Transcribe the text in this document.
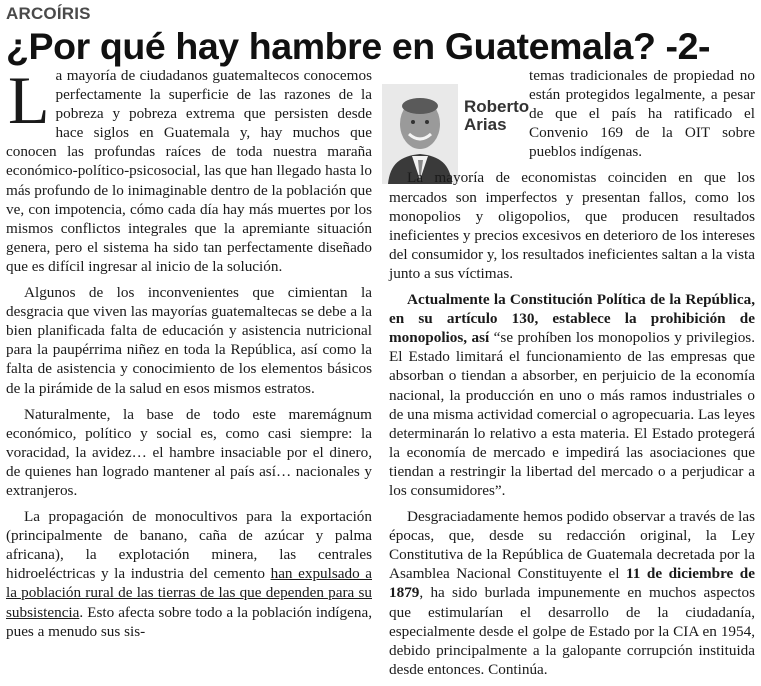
ARCOÍRIS
¿Por qué hay hambre en Guatemala? -2-
Roberto
Arias

La mayoría de ciudadanos guatemaltecos conocemos perfectamente la superficie de las razones de la pobreza y pobreza extrema que persisten desde hace siglos en Guatemala y, hay muchos que conocen las profundas raíces de toda nuestra maraña económico-político-psicosocial, las que han llegado hasta lo más profundo de lo inimaginable dentro de la población que ve, con impotencia, cómo cada día hay más muertes por los mismos conflictos integrales que la apremiante situación genera, pero el sistema ha sido tan perfectamente diseñado que es difícil ingresar al inicio de la solución.

Algunos de los inconvenientes que cimientan la desgracia que viven las mayorías guatemaltecas se debe a la bien planificada falta de educación y asistencia nutricional para la paupérrima niñez en toda la República, así como la falta de asistencia y conocimiento de los elementos básicos de la pirámide de la salud en esos mismos estratos.

Naturalmente, la base de todo este maremágnum económico, político y social es, como casi siempre: la voracidad, la avidez… el hambre insaciable por el dinero, de quienes han logrado mantener al país así… nacionales y extranjeros.

La propagación de monocultivos para la exportación (principalmente de banano, caña de azúcar y palma africana), la explotación minera, las centrales hidroeléctricas y la industria del cemento han expulsado a la población rural de las tierras de las que dependen para su subsistencia. Esto afecta sobre todo a la población indígena, pues a menudo sus sis-

temas tradicionales de propiedad no están protegidos legalmente, a pesar de que el país ha ratificado el Convenio 169 de la OIT sobre pueblos indígenas.

La mayoría de economistas coinciden en que los mercados son imperfectos y presentan fallos, como los monopolios y oligopolios, que producen resultados ineficientes y precios excesivos en deterioro de los intereses del consumidor y, los resultados ineficientes saltan a la vista junto a sus víctimas.

Actualmente la Constitución Política de la República, en su artículo 130, establece la prohibición de monopolios, así “se prohíben los monopolios y privilegios. El Estado limitará el funcionamiento de las empresas que absorban o tiendan a absorber, en perjuicio de la economía nacional, la producción en uno o más ramos industriales o de una misma actividad comercial o agropecuaria. Las leyes determinarán lo relativo a esta materia. El Estado protegerá la economía de mercado e impedirá las asociaciones que tiendan a restringir la libertad del mercado o a perjudicar a los consumidores”.

Desgraciadamente hemos podido observar a través de las épocas, que, desde su redacción original, la Ley Constitutiva de la República de Guatemala decretada por la Asamblea Nacional Constituyente el 11 de diciembre de 1879, ha sido burlada impunemente en muchos aspectos que estimularían el desarrollo de la ciudadanía, especialmente desde el golpe de Estado por la CIA en 1954, debido principalmente a la galopante corrupción instituida desde entonces. Continúa.
